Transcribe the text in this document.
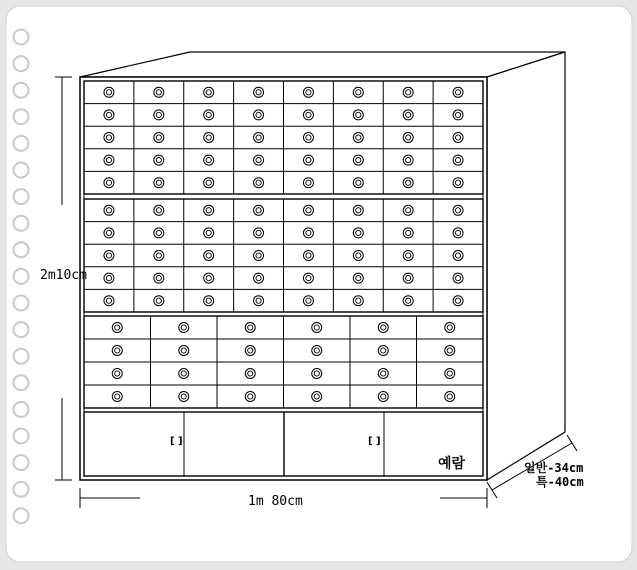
2m10cm
1m 80cm
일반-34cm
특-40cm
예람
[ ]	[ ]
